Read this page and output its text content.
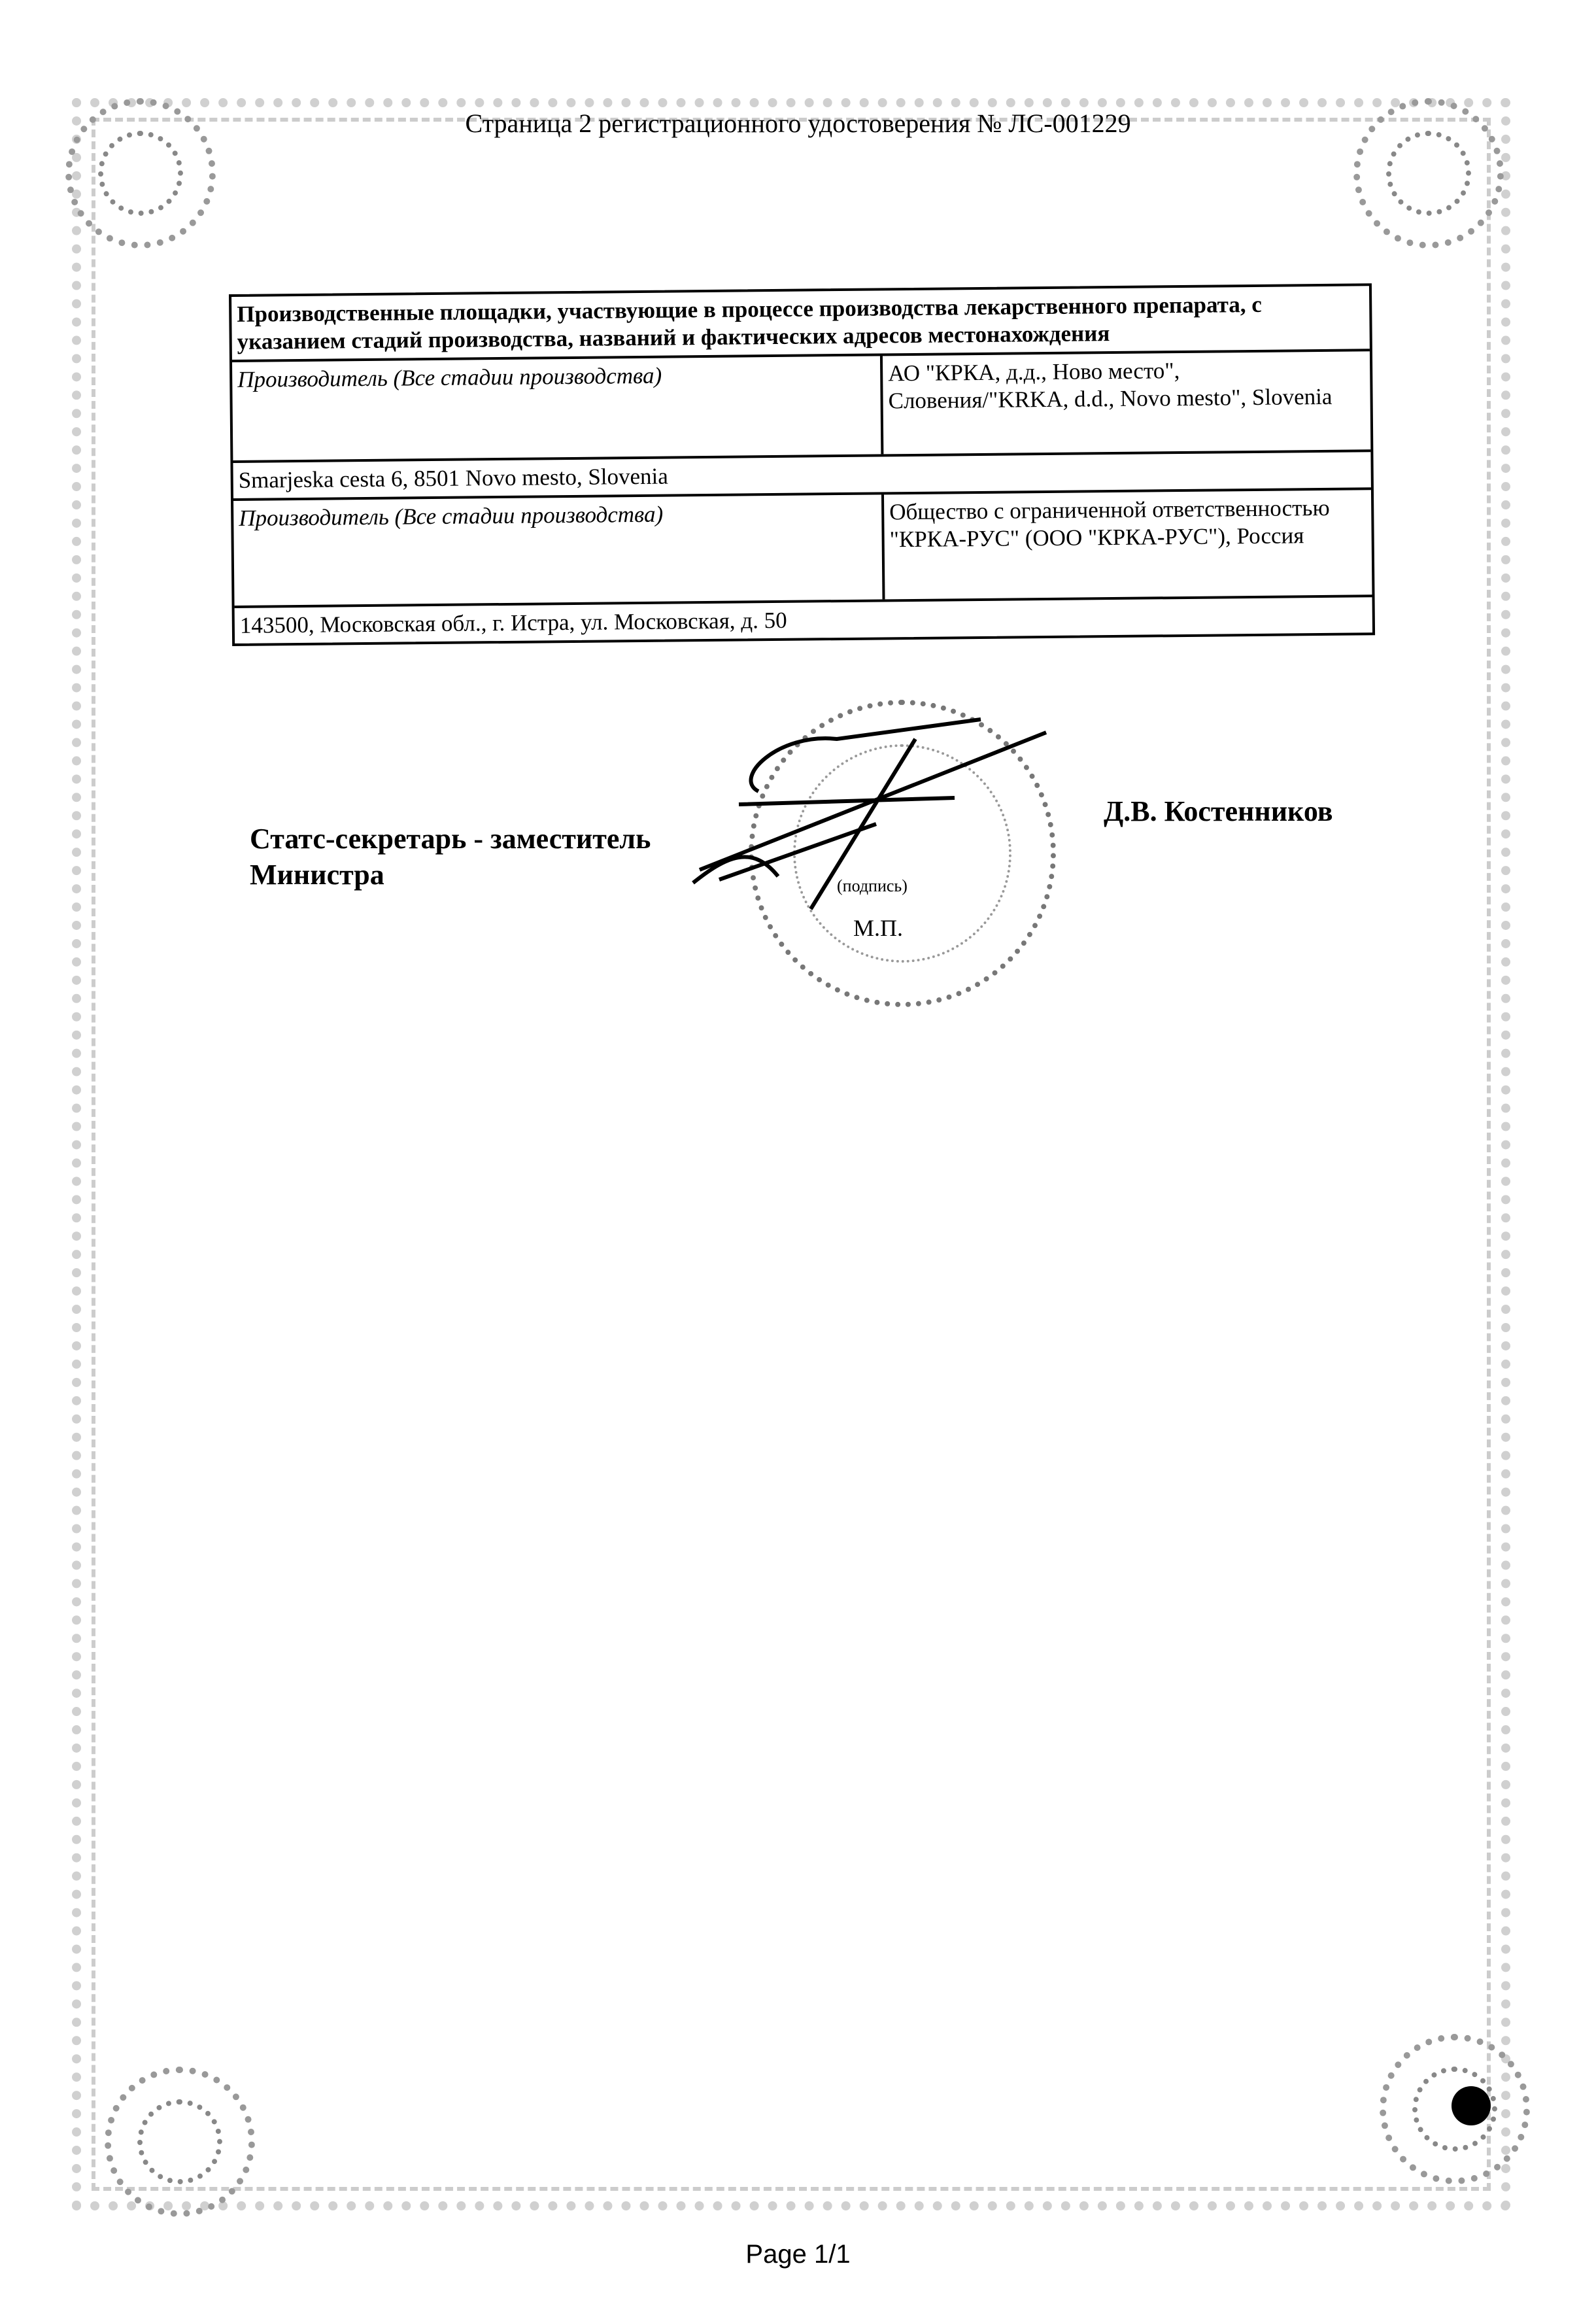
Страница 2 регистрационного удостоверения № ЛС-001229
Производственные площадки, участвующие в процессе производства лекарственного препарата, с указанием стадий производства, названий и фактических адресов местонахождения
Производитель (Все стадии производства)	АО "КРКА, д.д., Ново место", Словения/"KRKA, d.d., Novo mesto", Slovenia
Smarjeska cesta 6, 8501 Novo mesto, Slovenia
Производитель (Все стадии производства)	Общество с ограниченной ответственностью "КРКА-РУС" (ООО "КРКА-РУС"), Россия
143500, Московская обл., г. Истра, ул. Московская, д. 50
(подпись)
М.П.
Статс-секретарь - заместитель
Министра
Д.В. Костенников
Page 1/1
